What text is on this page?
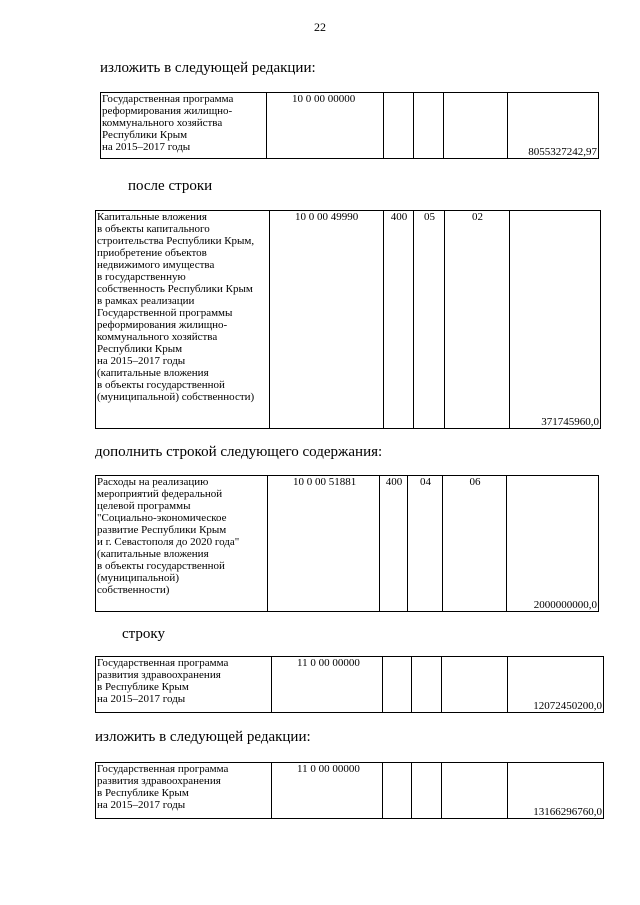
22
изложить в следующей редакции:
Государственная программа
реформирования жилищно-
коммунального хозяйства
Республики Крым
на 2015–2017 годы	10 0 00 00000				8055327242,97
после строки
Капитальные вложения
в объекты капитального
строительства Республики Крым,
приобретение объектов
недвижимого имущества
в государственную
собственность Республики Крым
в рамках реализации
Государственной программы
реформирования жилищно-
коммунального хозяйства
Республики Крым
на 2015–2017 годы
(капитальные вложения
в объекты государственной
(муниципальной) собственности)	10 0 00 49990	400	05	02	371745960,0
дополнить строкой следующего содержания:
Расходы на реализацию
мероприятий федеральной
целевой программы
"Социально-экономическое
развитие Республики Крым
и г. Севастополя до 2020 года"
(капитальные вложения
в объекты государственной
(муниципальной)
собственности)	10 0 00 51881	400	04	06	2000000000,0
строку
Государственная программа
развития здравоохранения
в Республике Крым
на 2015–2017 годы	11 0 00 00000				12072450200,0
изложить в следующей редакции:
Государственная программа
развития здравоохранения
в Республике Крым
на 2015–2017 годы	11 0 00 00000				13166296760,0
